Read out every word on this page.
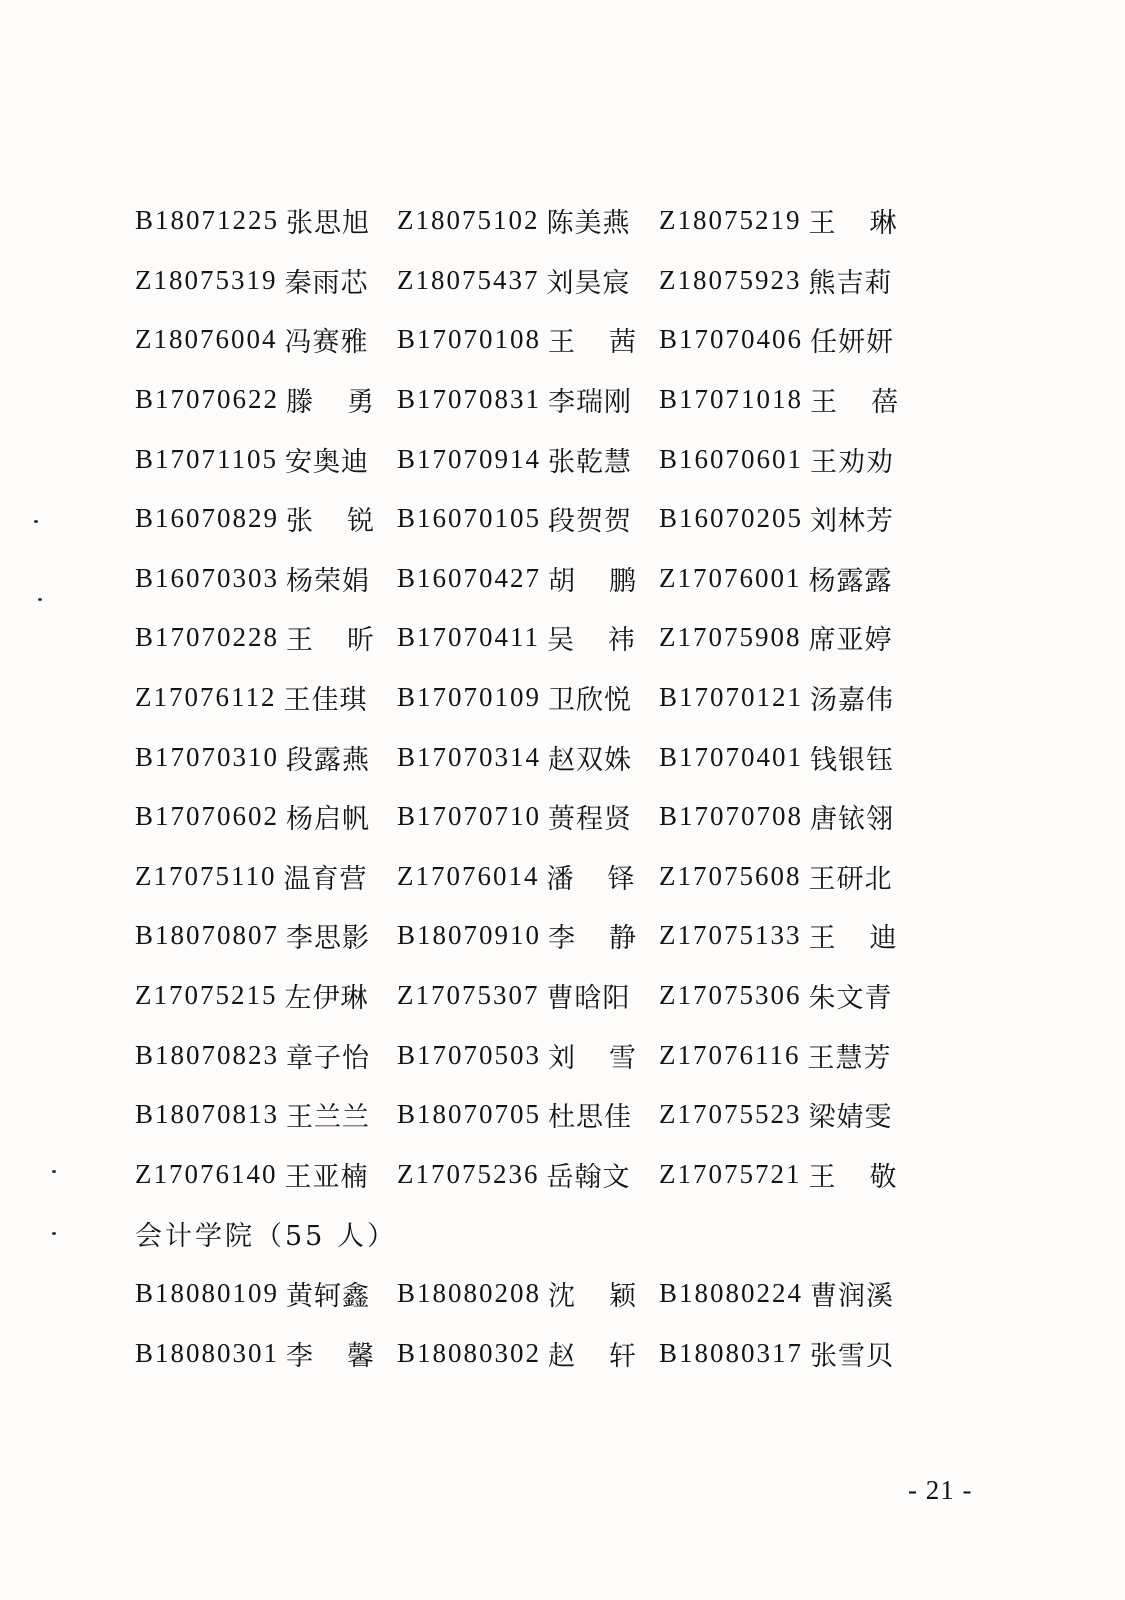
B18071225 张思旭 Z18075102 陈美燕 Z18075219 王 琳
Z18075319 秦雨芯 Z18075437 刘昊宸 Z18075923 熊吉莉
Z18076004 冯赛雅 B17070108 王 茜 B17070406 任妍妍
B17070622 滕 勇 B17070831 李瑞刚 B17071018 王 蓓
B17071105 安奥迪 B17070914 张乾慧 B16070601 王劝劝
B16070829 张 锐 B16070105 段贺贺 B16070205 刘林芳
B16070303 杨荣娟 B16070427 胡 鹏 Z17076001 杨露露
B17070228 王 昕 B17070411 吴 祎 Z17075908 席亚婷
Z17076112 王佳琪 B17070109 卫欣悦 B17070121 汤嘉伟
B17070310 段露燕 B17070314 赵双姝 B17070401 钱银钰
B17070602 杨启帆 B17070710 蒉程贤 B17070708 唐铱翎
Z17075110 温育营 Z17076014 潘 铎 Z17075608 王研北
B18070807 李思影 B18070910 李 静 Z17075133 王 迪
Z17075215 左伊琳 Z17075307 曹晗阳 Z17075306 朱文青
B18070823 章子怡 B17070503 刘 雪 Z17076116 王慧芳
B18070813 王兰兰 B18070705 杜思佳 Z17075523 梁婧雯
Z17076140 王亚楠 Z17075236 岳翰文 Z17075721 王 敬
会计学院（55 人）
B18080109 黄轲鑫 B18080208 沈 颖 B18080224 曹润溪
B18080301 李 馨 B18080302 赵 轩 B18080317 张雪贝
- 21 -
